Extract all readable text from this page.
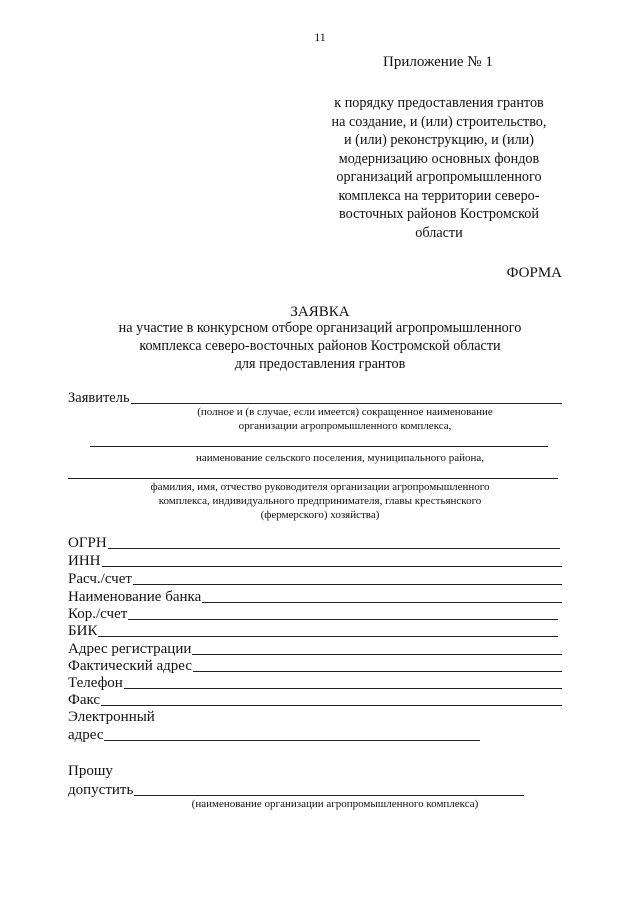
11
Приложение № 1
к порядку предоставления грантов
на создание, и (или) строительство,
и (или) реконструкцию, и (или)
модернизацию основных фондов
организаций агропромышленного
комплекса на территории северо-
восточных районов Костромской
области
ФОРМА
ЗАЯВКА
на участие в конкурсном отборе организаций агропромышленного
комплекса северо-восточных районов Костромской области
для предоставления грантов
Заявитель
(полное и (в случае, если имеется) сокращенное наименование
организации агропромышленного комплекса,
наименование сельского поселения, муниципального района,
фамилия, имя, отчество руководителя организации агропромышленного
комплекса, индивидуального предпринимателя, главы крестьянского
(фермерского) хозяйства)
ОГРН
ИНН
Расч./счет
Наименование банка
Кор./счет
БИК
Адрес регистрации
Фактический адрес
Телефон
Факс
Электронный
адрес
Прошу
допустить
(наименование организации агропромышленного комплекса)
